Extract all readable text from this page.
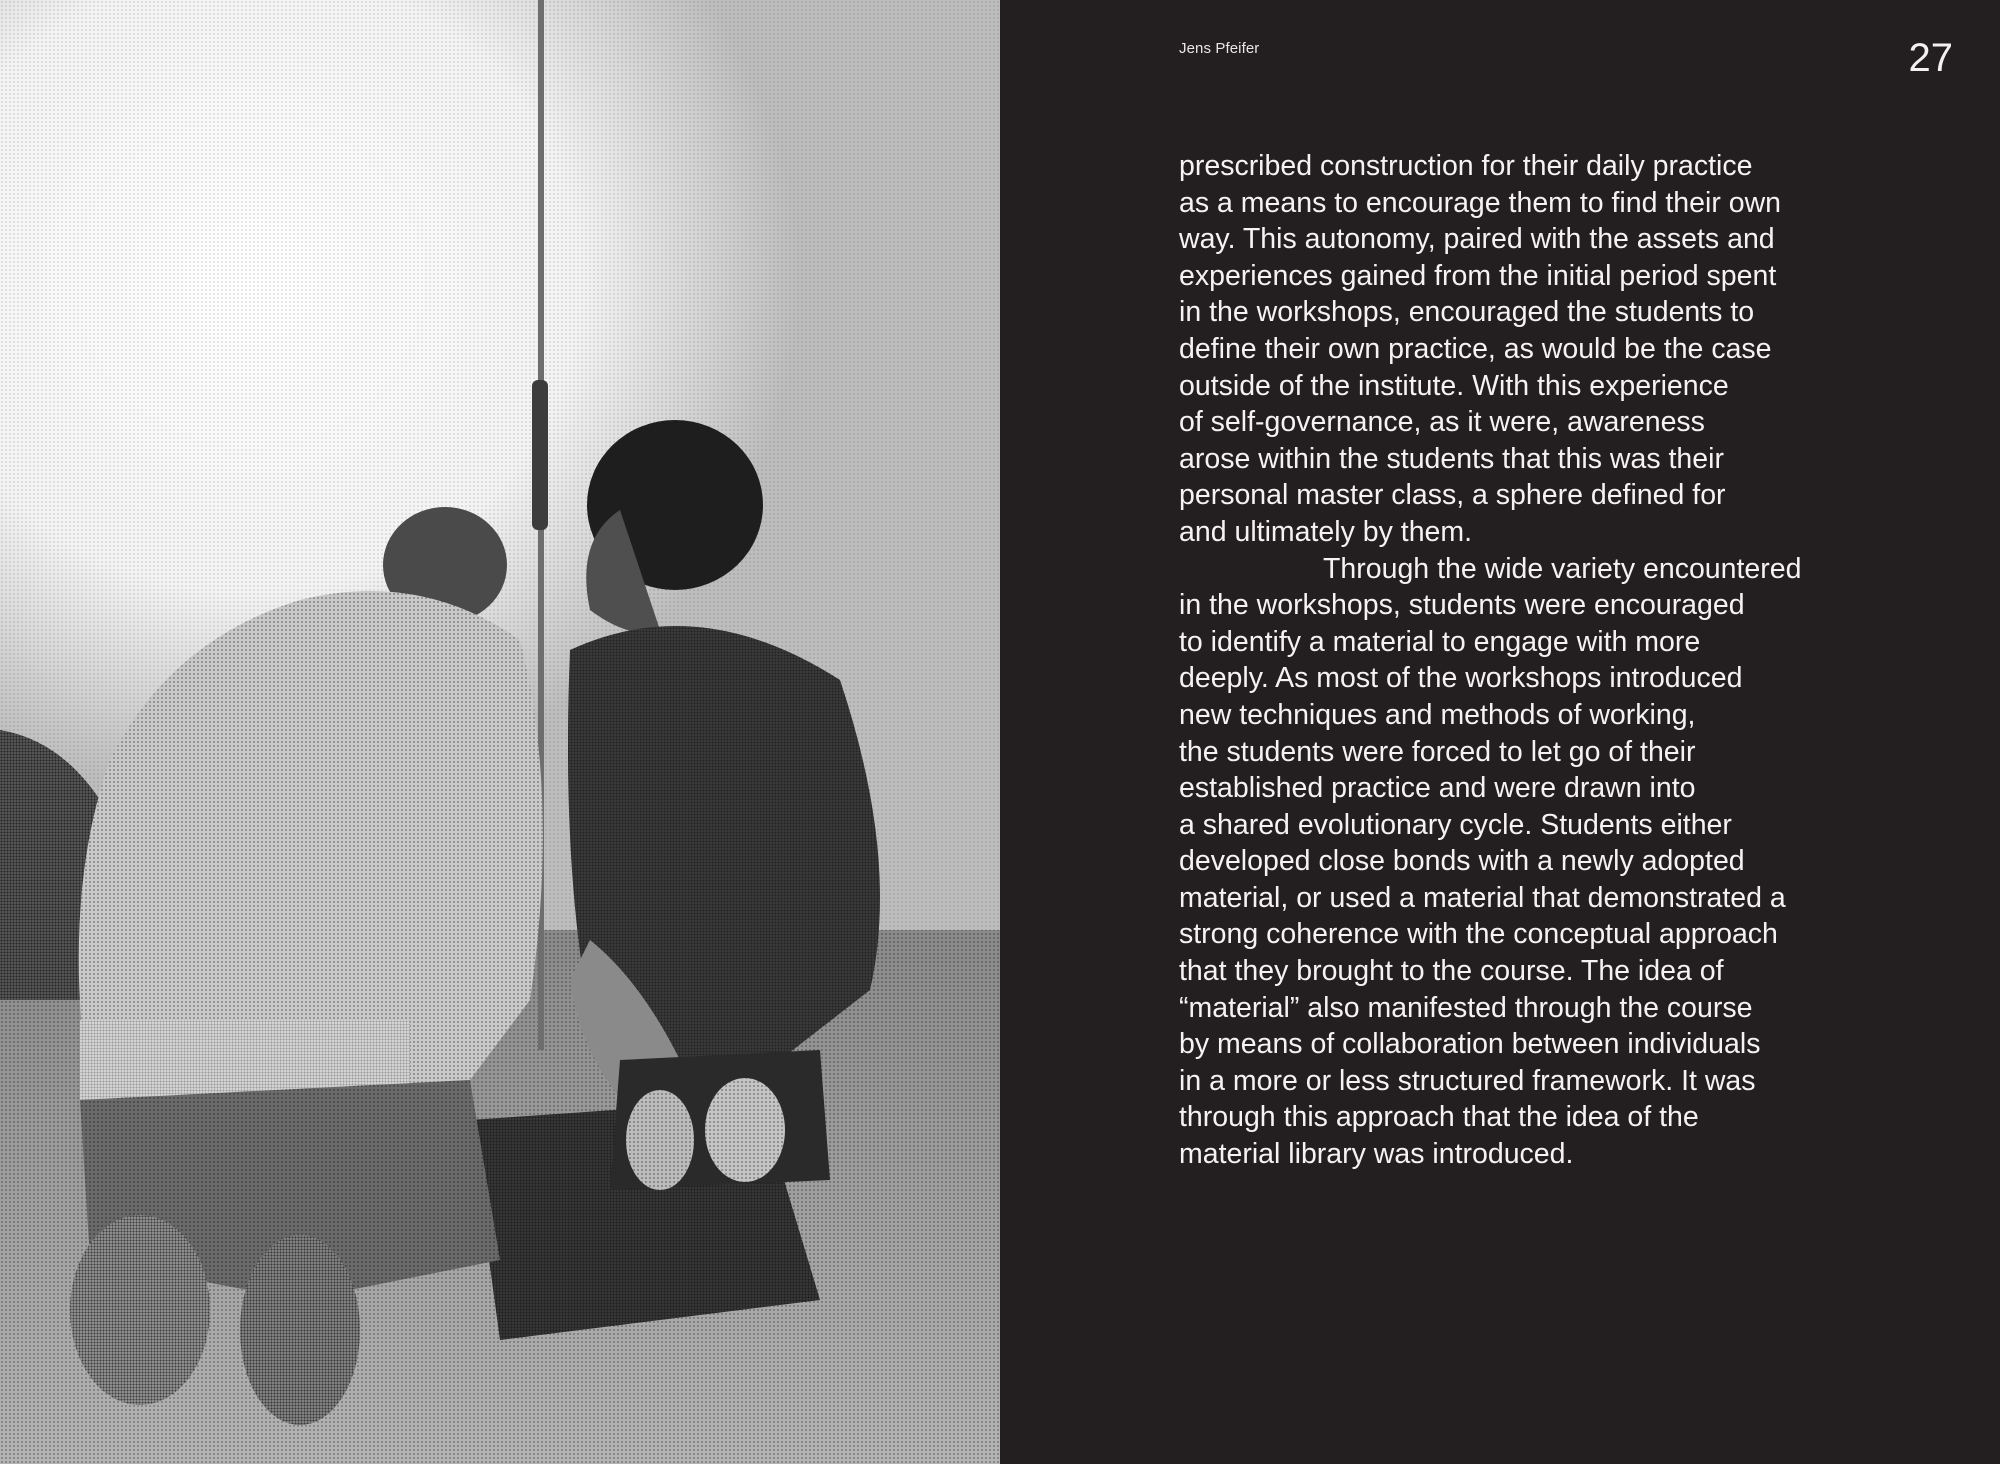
Jens Pfeifer	27

prescribed construction for their daily practice

as a means to encourage them to find their own

way. This autonomy, paired with the assets and

experiences gained from the initial period spent

in the workshops, encouraged the students to

define their own practice, as would be the case

outside of the institute. With this experience

of self-governance, as it were, awareness

arose within the students that this was their

personal master class, a sphere defined for

and ultimately by them.

Through the wide variety encountered

in the workshops, students were encouraged

to identify a material to engage with more

deeply. As most of the workshops introduced

new techniques and methods of working,

the students were forced to let go of their

established practice and were drawn into

a shared evolutionary cycle. Students either

developed close bonds with a newly adopted

material, or used a material that demonstrated a

strong coherence with the conceptual approach

that they brought to the course. The idea of

“material” also manifested through the course

by means of collaboration between individuals

in a more or less structured framework. It was

through this approach that the idea of the

material library was introduced.
